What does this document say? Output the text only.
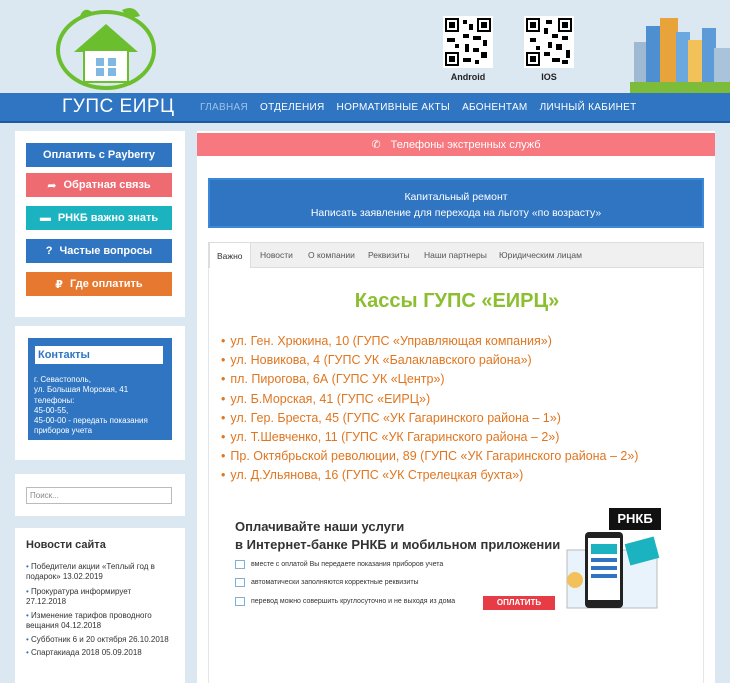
Android	IOS
ГУПС ЕИРЦ	ГЛАВНАЯ ОТДЕЛЕНИЯ НОРМАТИВНЫЕ АКТЫ АБОНЕНТАМ ЛИЧНЫЙ КАБИНЕТ
Оплатить с Payberry
➦ Обратная связь
▬ РНКБ важно знать
? Частые вопросы
₽ Где оплатить
Контакты
г. Севастополь,
ул. Большая Морская, 41
телефоны:
45-00-55,
45-00-00 - передать показания
приборов учета
Поиск...
Новости сайта
• Победители акции «Теплый год в подарок» 13.02.2019
• Прокуратура информирует 27.12.2018
• Изменение тарифов проводного вещания 04.12.2018
• Субботник 6 и 20 октября 26.10.2018
• Спартакиада 2018 05.09.2018
✆ Телефоны экстренных служб
Капитальный ремонт
Написать заявление для перехода на льготу «по возрасту»
Важно	Новости О компании Реквизиты Наши партнеры Юридическим лицам
Кассы ГУПС «ЕИРЦ»
• ул. Ген. Хрюкина, 10 (ГУПС «Управляющая компания»)
• ул. Новикова, 4 (ГУПС УК «Балаклавского района»)
• пл. Пирогова, 6А (ГУПС УК «Центр»)
• ул. Б.Морская, 41 (ГУПС «ЕИРЦ»)
• ул. Гер. Бреста, 45 (ГУПС «УК Гагаринского района – 1»)
• ул. Т.Шевченко, 11 (ГУПС «УК Гагаринского района – 2»)
• Пр. Октябрьской революции, 89 (ГУПС «УК Гагаринского района – 2»)
• ул. Д.Ульянова, 16 (ГУПС «УК Стрелецкая бухта»)
Оплачивайте наши услуги
в Интернет-банке РНКБ и мобильном приложении
вместе с оплатой Вы передаете показания приборов учета
автоматически заполняются корректные реквизиты
перевод можно совершить круглосуточно и не выходя из дома	ОПЛАТИТЬ
РНКБ
